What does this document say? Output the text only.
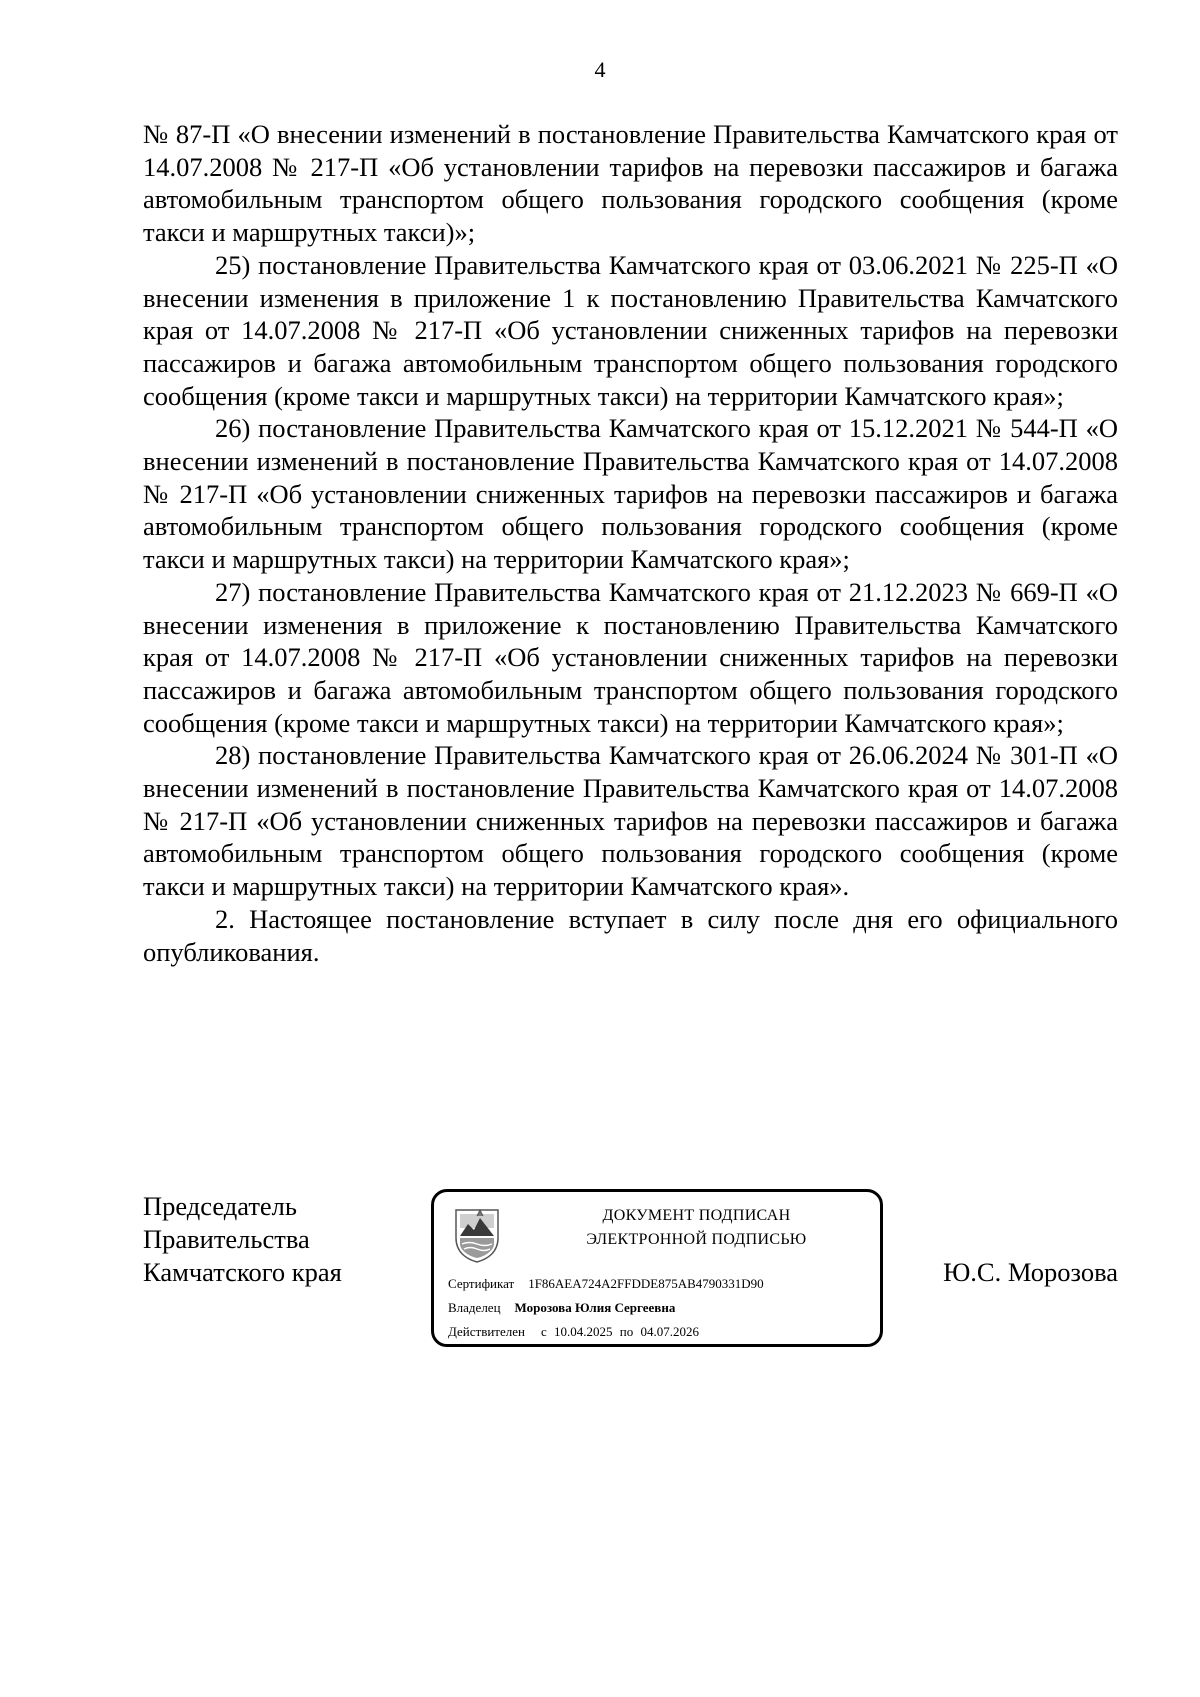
4

№ 87-П «О внесении изменений в постановление Правительства Камчатского края от 14.07.2008 № 217-П «Об установлении тарифов на перевозки пассажиров и багажа автомобильным транспортом общего пользования городского сообщения (кроме такси и маршрутных такси)»;

25) постановление Правительства Камчатского края от 03.06.2021 № 225-П «О внесении изменения в приложение 1 к постановлению Правительства Камчатского края от 14.07.2008 № 217-П «Об установлении сниженных тарифов на перевозки пассажиров и багажа автомобильным транспортом общего пользования городского сообщения (кроме такси и маршрутных такси) на территории Камчатского края»;

26) постановление Правительства Камчатского края от 15.12.2021 № 544-П «О внесении изменений в постановление Правительства Камчатского края от 14.07.2008 № 217-П «Об установлении сниженных тарифов на перевозки пассажиров и багажа автомобильным транспортом общего пользования городского сообщения (кроме такси и маршрутных такси) на территории Камчатского края»;

27) постановление Правительства Камчатского края от 21.12.2023 № 669-П «О внесении изменения в приложение к постановлению Правительства Камчатского края от 14.07.2008 № 217-П «Об установлении сниженных тарифов на перевозки пассажиров и багажа автомобильным транспортом общего пользования городского сообщения (кроме такси и маршрутных такси) на территории Камчатского края»;

28) постановление Правительства Камчатского края от 26.06.2024 № 301-П «О внесении изменений в постановление Правительства Камчатского края от 14.07.2008 № 217-П «Об установлении сниженных тарифов на перевозки пассажиров и багажа автомобильным транспортом общего пользования городского сообщения (кроме такси и маршрутных такси) на территории Камчатского края».

2. Настоящее постановление вступает в силу после дня его официального опубликования.

Председатель
Правительства
Камчатского края
ДОКУМЕНТ ПОДПИСАН
ЭЛЕКТРОННОЙ ПОДПИСЬЮ
Сертификат 1F86AEA724A2FFDDE875AB4790331D90
Владелец Морозова Юлия Сергеевна
Действителен с 10.04.2025 по 04.07.2026
Ю.С. Морозова
